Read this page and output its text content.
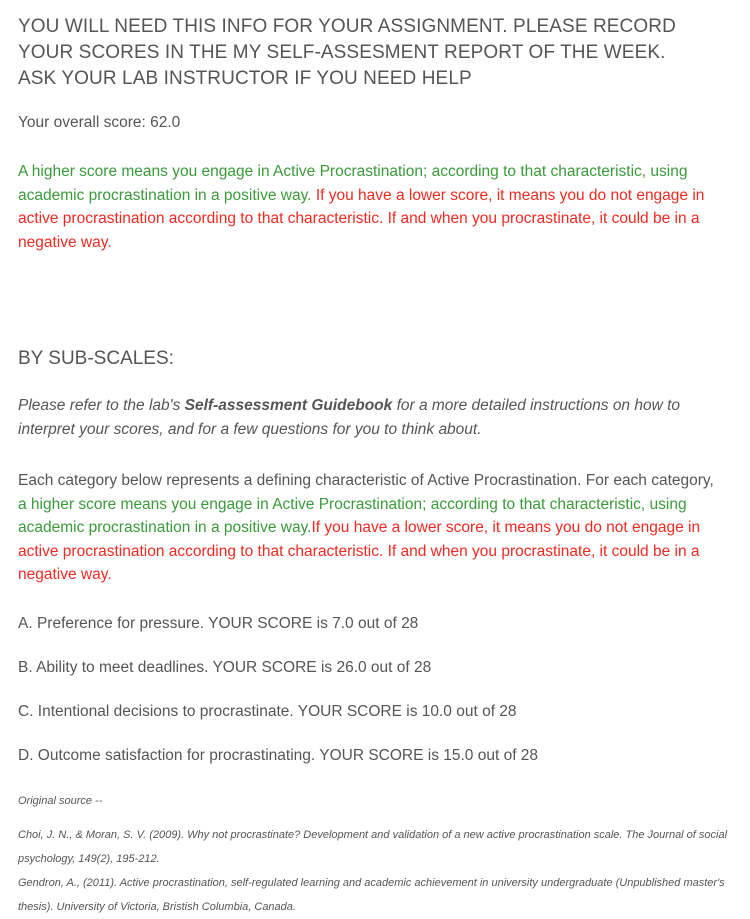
YOU WILL NEED THIS INFO FOR YOUR ASSIGNMENT. PLEASE RECORD YOUR SCORES IN THE MY SELF-ASSESMENT REPORT OF THE WEEK. ASK YOUR LAB INSTRUCTOR IF YOU NEED HELP

Your overall score: 62.0

A higher score means you engage in Active Procrastination; according to that characteristic, using academic procrastination in a positive way. If you have a lower score, it means you do not engage in active procrastination according to that characteristic. If and when you procrastinate, it could be in a negative way.

BY SUB-SCALES:

Please refer to the lab's Self-assessment Guidebook for a more detailed instructions on how to interpret your scores, and for a few questions for you to think about.

Each category below represents a defining characteristic of Active Procrastination. For each category, a higher score means you engage in Active Procrastination; according to that characteristic, using academic procrastination in a positive way.If you have a lower score, it means you do not engage in active procrastination according to that characteristic. If and when you procrastinate, it could be in a negative way.

A. Preference for pressure. YOUR SCORE is 7.0 out of 28
B. Ability to meet deadlines. YOUR SCORE is 26.0 out of 28
C. Intentional decisions to procrastinate. YOUR SCORE is 10.0 out of 28
D. Outcome satisfaction for procrastinating. YOUR SCORE is 15.0 out of 28

Original source --

Choi, J. N., & Moran, S. V. (2009). Why not procrastinate? Development and validation of a new active procrastination scale. The Journal of social psychology, 149(2), 195-212.

Gendron, A., (2011). Active procrastination, self-regulated learning and academic achievement in university undergraduate (Unpublished master's thesis). University of Victoria, Bristish Columbia, Canada.
